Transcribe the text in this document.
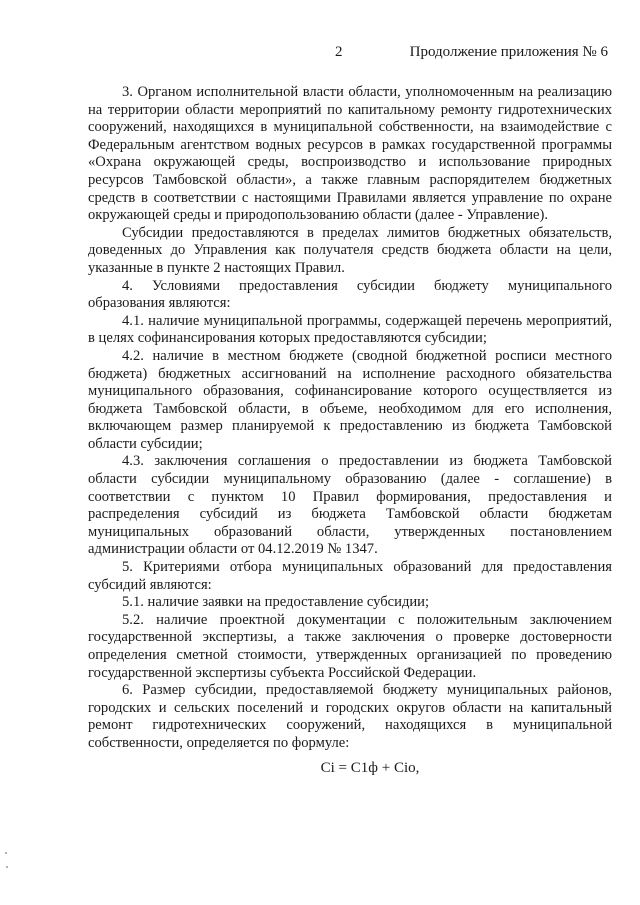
2	Продолжение приложения № 6

3. Органом исполнительной власти области, уполномоченным на реализацию на территории области мероприятий по капитальному ремонту гидротехнических сооружений, находящихся в муниципальной собственности, на взаимодействие с Федеральным агентством водных ресурсов в рамках государственной программы «Охрана окружающей среды, воспроизводство и использование природных ресурсов Тамбовской области», а также главным распорядителем бюджетных средств в соответствии с настоящими Правилами является управление по охране окружающей среды и природопользованию области (далее - Управление).

Субсидии предоставляются в пределах лимитов бюджетных обязательств, доведенных до Управления как получателя средств бюджета области на цели, указанные в пункте 2 настоящих Правил.

4. Условиями предоставления субсидии бюджету муниципального образования являются:

4.1. наличие муниципальной программы, содержащей перечень мероприятий, в целях софинансирования которых предоставляются субсидии;

4.2. наличие в местном бюджете (сводной бюджетной росписи местного бюджета) бюджетных ассигнований на исполнение расходного обязательства муниципального образования, софинансирование которого осуществляется из бюджета Тамбовской области, в объеме, необходимом для его исполнения, включающем размер планируемой к предоставлению из бюджета Тамбовской области субсидии;

4.3. заключения соглашения о предоставлении из бюджета Тамбовской области субсидии муниципальному образованию (далее - соглашение) в соответствии с пунктом 10 Правил формирования, предоставления и распределения субсидий из бюджета Тамбовской области бюджетам муниципальных образований области, утвержденных постановлением администрации области от 04.12.2019 № 1347.

5. Критериями отбора муниципальных образований для предоставления субсидий являются:

5.1. наличие заявки на предоставление субсидии;

5.2. наличие проектной документации с положительным заключением государственной экспертизы, а также заключения о проверке достоверности определения сметной стоимости, утвержденных организацией по проведению государственной экспертизы субъекта Российской Федерации.

6. Размер субсидии, предоставляемой бюджету муниципальных районов, городских и сельских поселений и городских округов области на капитальный ремонт гидротехнических сооружений, находящихся в муниципальной собственности, определяется по формуле:

Сi = С1ф + Сiо,
